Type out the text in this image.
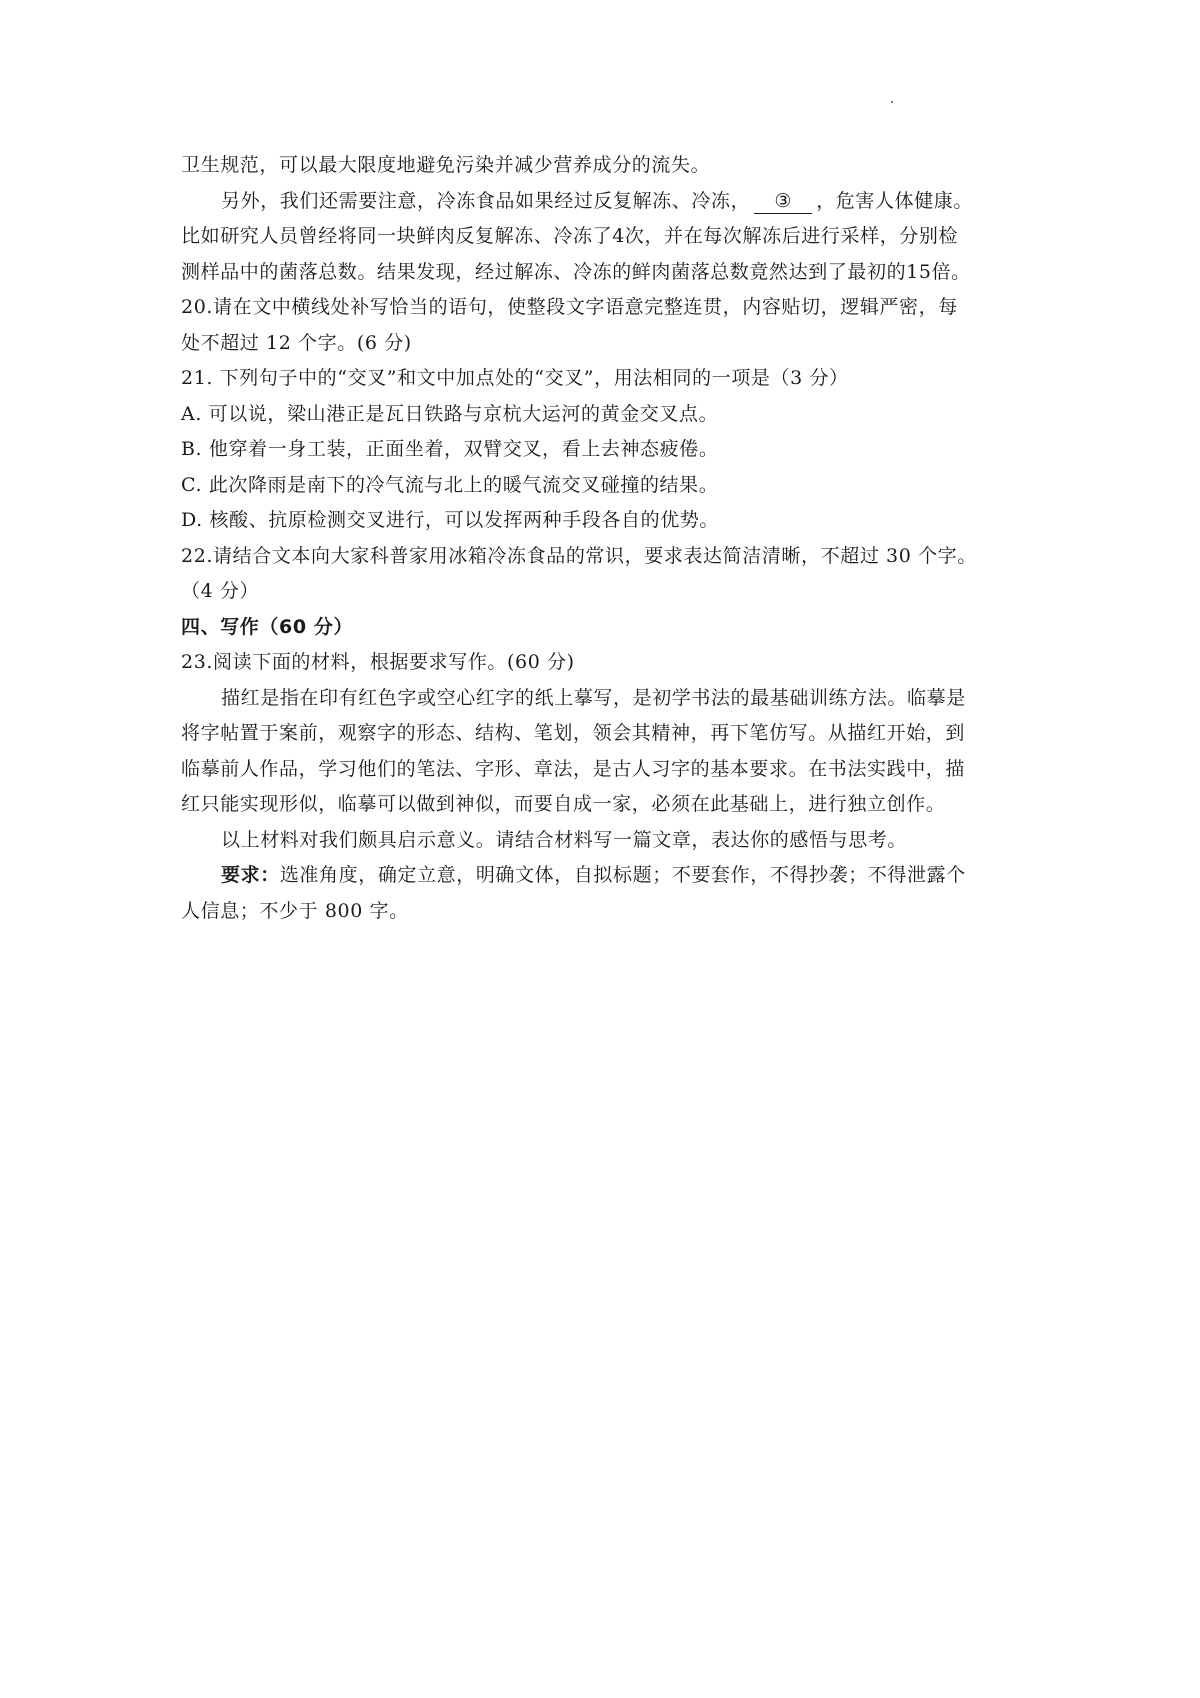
卫生规范，可以最大限度地避免污染并减少营养成分的流失。
另外，我们还需要注意，冷冻食品如果经过反复解冻、冷冻， ③ ，危害人体健康。
比如研究人员曾经将同一块鲜肉反复解冻、冷冻了4次，并在每次解冻后进行采样，分别检
测样品中的菌落总数。结果发现，经过解冻、冷冻的鲜肉菌落总数竟然达到了最初的15倍。
20.请在文中横线处补写恰当的语句，使整段文字语意完整连贯，内容贴切，逻辑严密，每
处不超过 12 个字。(6 分)
21. 下列句子中的“交叉”和文中加点处的“交叉”，用法相同的一项是（3 分）
A. 可以说，梁山港正是瓦日铁路与京杭大运河的黄金交叉点。
B. 他穿着一身工装，正面坐着，双臂交叉，看上去神态疲倦。
C. 此次降雨是南下的冷气流与北上的暖气流交叉碰撞的结果。
D. 核酸、抗原检测交叉进行，可以发挥两种手段各自的优势。
22.请结合文本向大家科普家用冰箱冷冻食品的常识，要求表达简洁清晰，不超过 30 个字。
（4 分）
四、写作（60 分）
23.阅读下面的材料，根据要求写作。(60 分)
描红是指在印有红色字或空心红字的纸上摹写，是初学书法的最基础训练方法。临摹是
将字帖置于案前，观察字的形态、结构、笔划，领会其精神，再下笔仿写。从描红开始，到
临摹前人作品，学习他们的笔法、字形、章法，是古人习字的基本要求。在书法实践中，描
红只能实现形似，临摹可以做到神似，而要自成一家，必须在此基础上，进行独立创作。
以上材料对我们颇具启示意义。请结合材料写一篇文章，表达你的感悟与思考。
要求：选准角度，确定立意，明确文体，自拟标题；不要套作，不得抄袭；不得泄露个
人信息；不少于 800 字。
